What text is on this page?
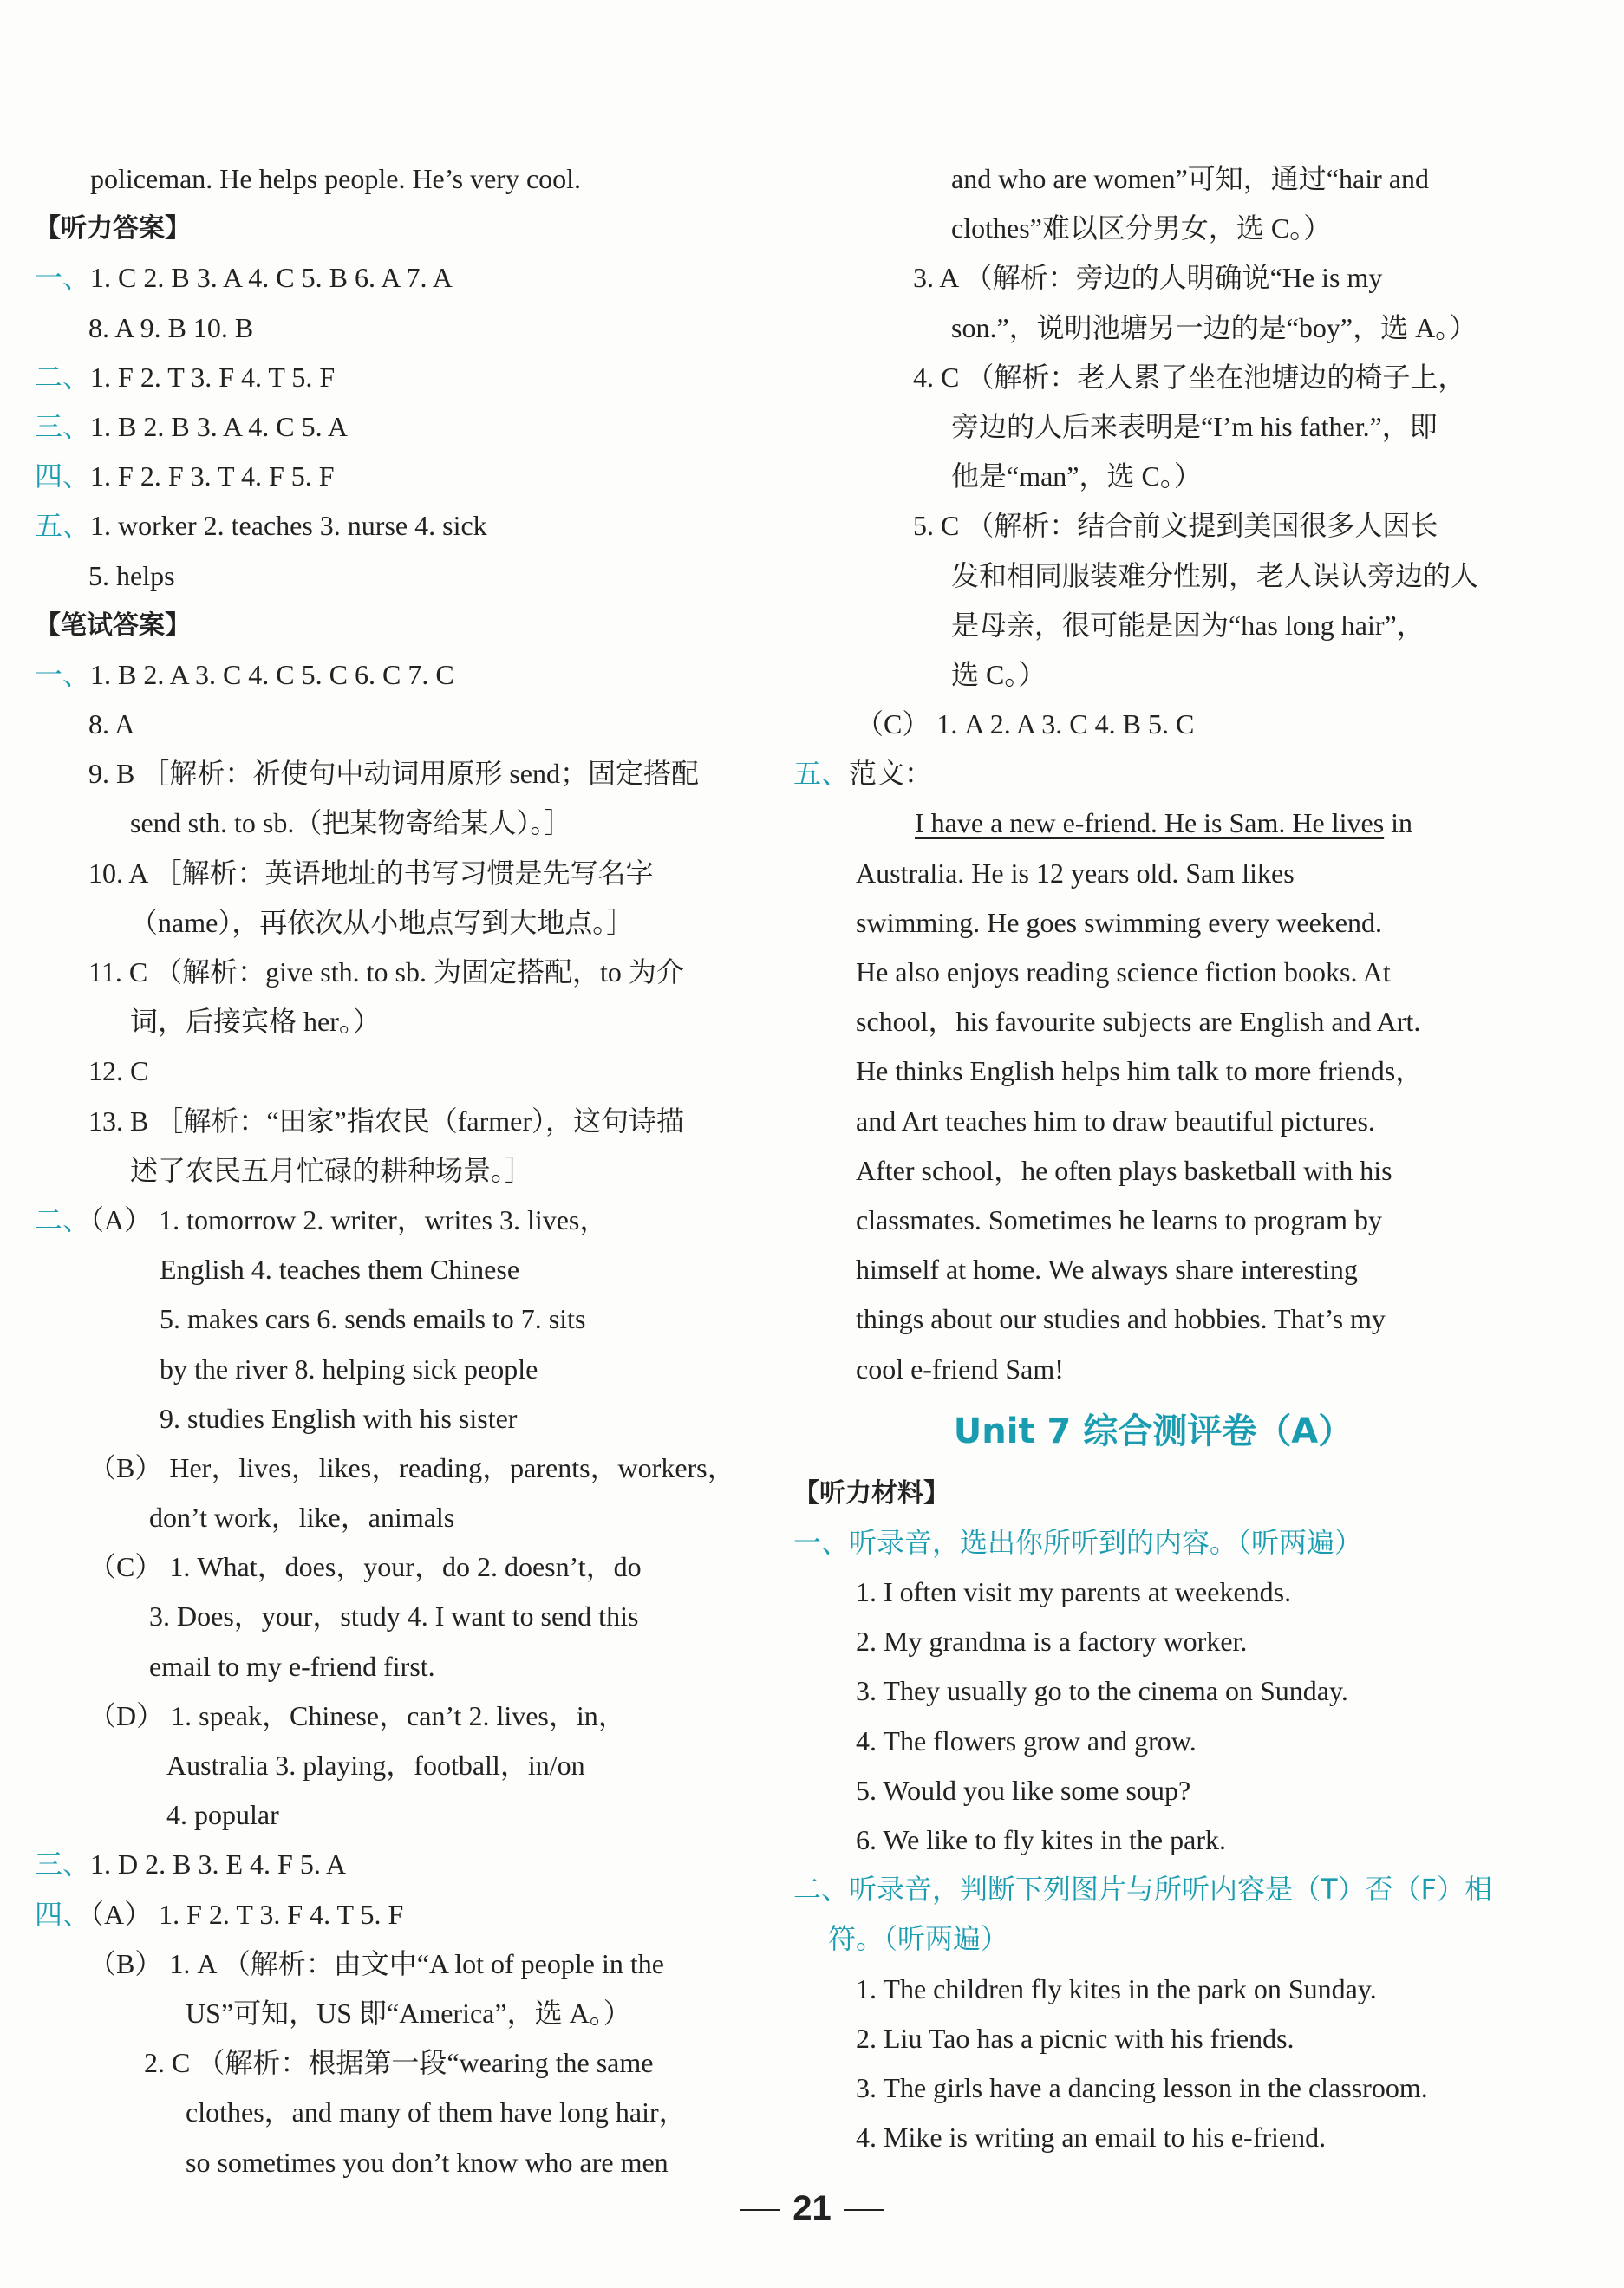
policeman. He helps people. He’s very cool.
【听力答案】
一、1. C 2. B 3. A 4. C 5. B 6. A 7. A
8. A 9. B 10. B
二、1. F 2. T 3. F 4. T 5. F
三、1. B 2. B 3. A 4. C 5. A
四、1. F 2. F 3. T 4. F 5. F
五、1. worker 2. teaches 3. nurse 4. sick
5. helps
【笔试答案】
一、1. B 2. A 3. C 4. C 5. C 6. C 7. C
8. A
9. B ［解析：祈使句中动词用原形 send；固定搭配
send sth. to sb.（把某物寄给某人）。］
10. A ［解析：英语地址的书写习惯是先写名字
（name），再依次从小地点写到大地点。］
11. C （解析：give sth. to sb. 为固定搭配，to 为介
词，后接宾格 her。）
12. C
13. B ［解析：“田家”指农民（farmer），这句诗描
述了农民五月忙碌的耕种场景。］
二、（A） 1. tomorrow 2. writer，writes 3. lives，
English 4. teaches them Chinese
5. makes cars 6. sends emails to 7. sits
by the river 8. helping sick people
9. studies English with his sister
（B） Her，lives，likes，reading，parents，workers，
don’t work，like，animals
（C） 1. What，does，your，do 2. doesn’t，do
3. Does，your，study 4. I want to send this
email to my e-friend first.
（D） 1. speak，Chinese，can’t 2. lives，in，
Australia 3. playing，football，in/on
4. popular
三、1. D 2. B 3. E 4. F 5. A
四、（A） 1. F 2. T 3. F 4. T 5. F
（B） 1. A （解析：由文中“A lot of people in the
US”可知，US 即“America”，选 A。）
2. C （解析：根据第一段“wearing the same
clothes，and many of them have long hair，
so sometimes you don’t know who are men
and who are women”可知，通过“hair and
clothes”难以区分男女，选 C。）
3. A （解析：旁边的人明确说“He is my
son.”，说明池塘另一边的是“boy”，选 A。）
4. C （解析：老人累了坐在池塘边的椅子上，
旁边的人后来表明是“I’m his father.”，即
他是“man”，选 C。）
5. C （解析：结合前文提到美国很多人因长
发和相同服装难分性别，老人误认旁边的人
是母亲，很可能是因为“has long hair”，
选 C。）
（C） 1. A 2. A 3. C 4. B 5. C
五、范文：
I have a new e-friend. He is Sam. He lives in
Australia. He is 12 years old. Sam likes
swimming. He goes swimming every weekend.
He also enjoys reading science fiction books. At
school，his favourite subjects are English and Art.
He thinks English helps him talk to more friends，
and Art teaches him to draw beautiful pictures.
After school，he often plays basketball with his
classmates. Sometimes he learns to program by
himself at home. We always share interesting
things about our studies and hobbies. That’s my
cool e-friend Sam!
Unit 7 综合测评卷（A）
【听力材料】
一、听录音，选出你所听到的内容。（听两遍）
1. I often visit my parents at weekends.
2. My grandma is a factory worker.
3. They usually go to the cinema on Sunday.
4. The flowers grow and grow.
5. Would you like some soup?
6. We like to fly kites in the park.
二、听录音，判断下列图片与所听内容是（T）否（F）相
符。（听两遍）
1. The children fly kites in the park on Sunday.
2. Liu Tao has a picnic with his friends.
3. The girls have a dancing lesson in the classroom.
4. Mike is writing an email to his e-friend.
21
